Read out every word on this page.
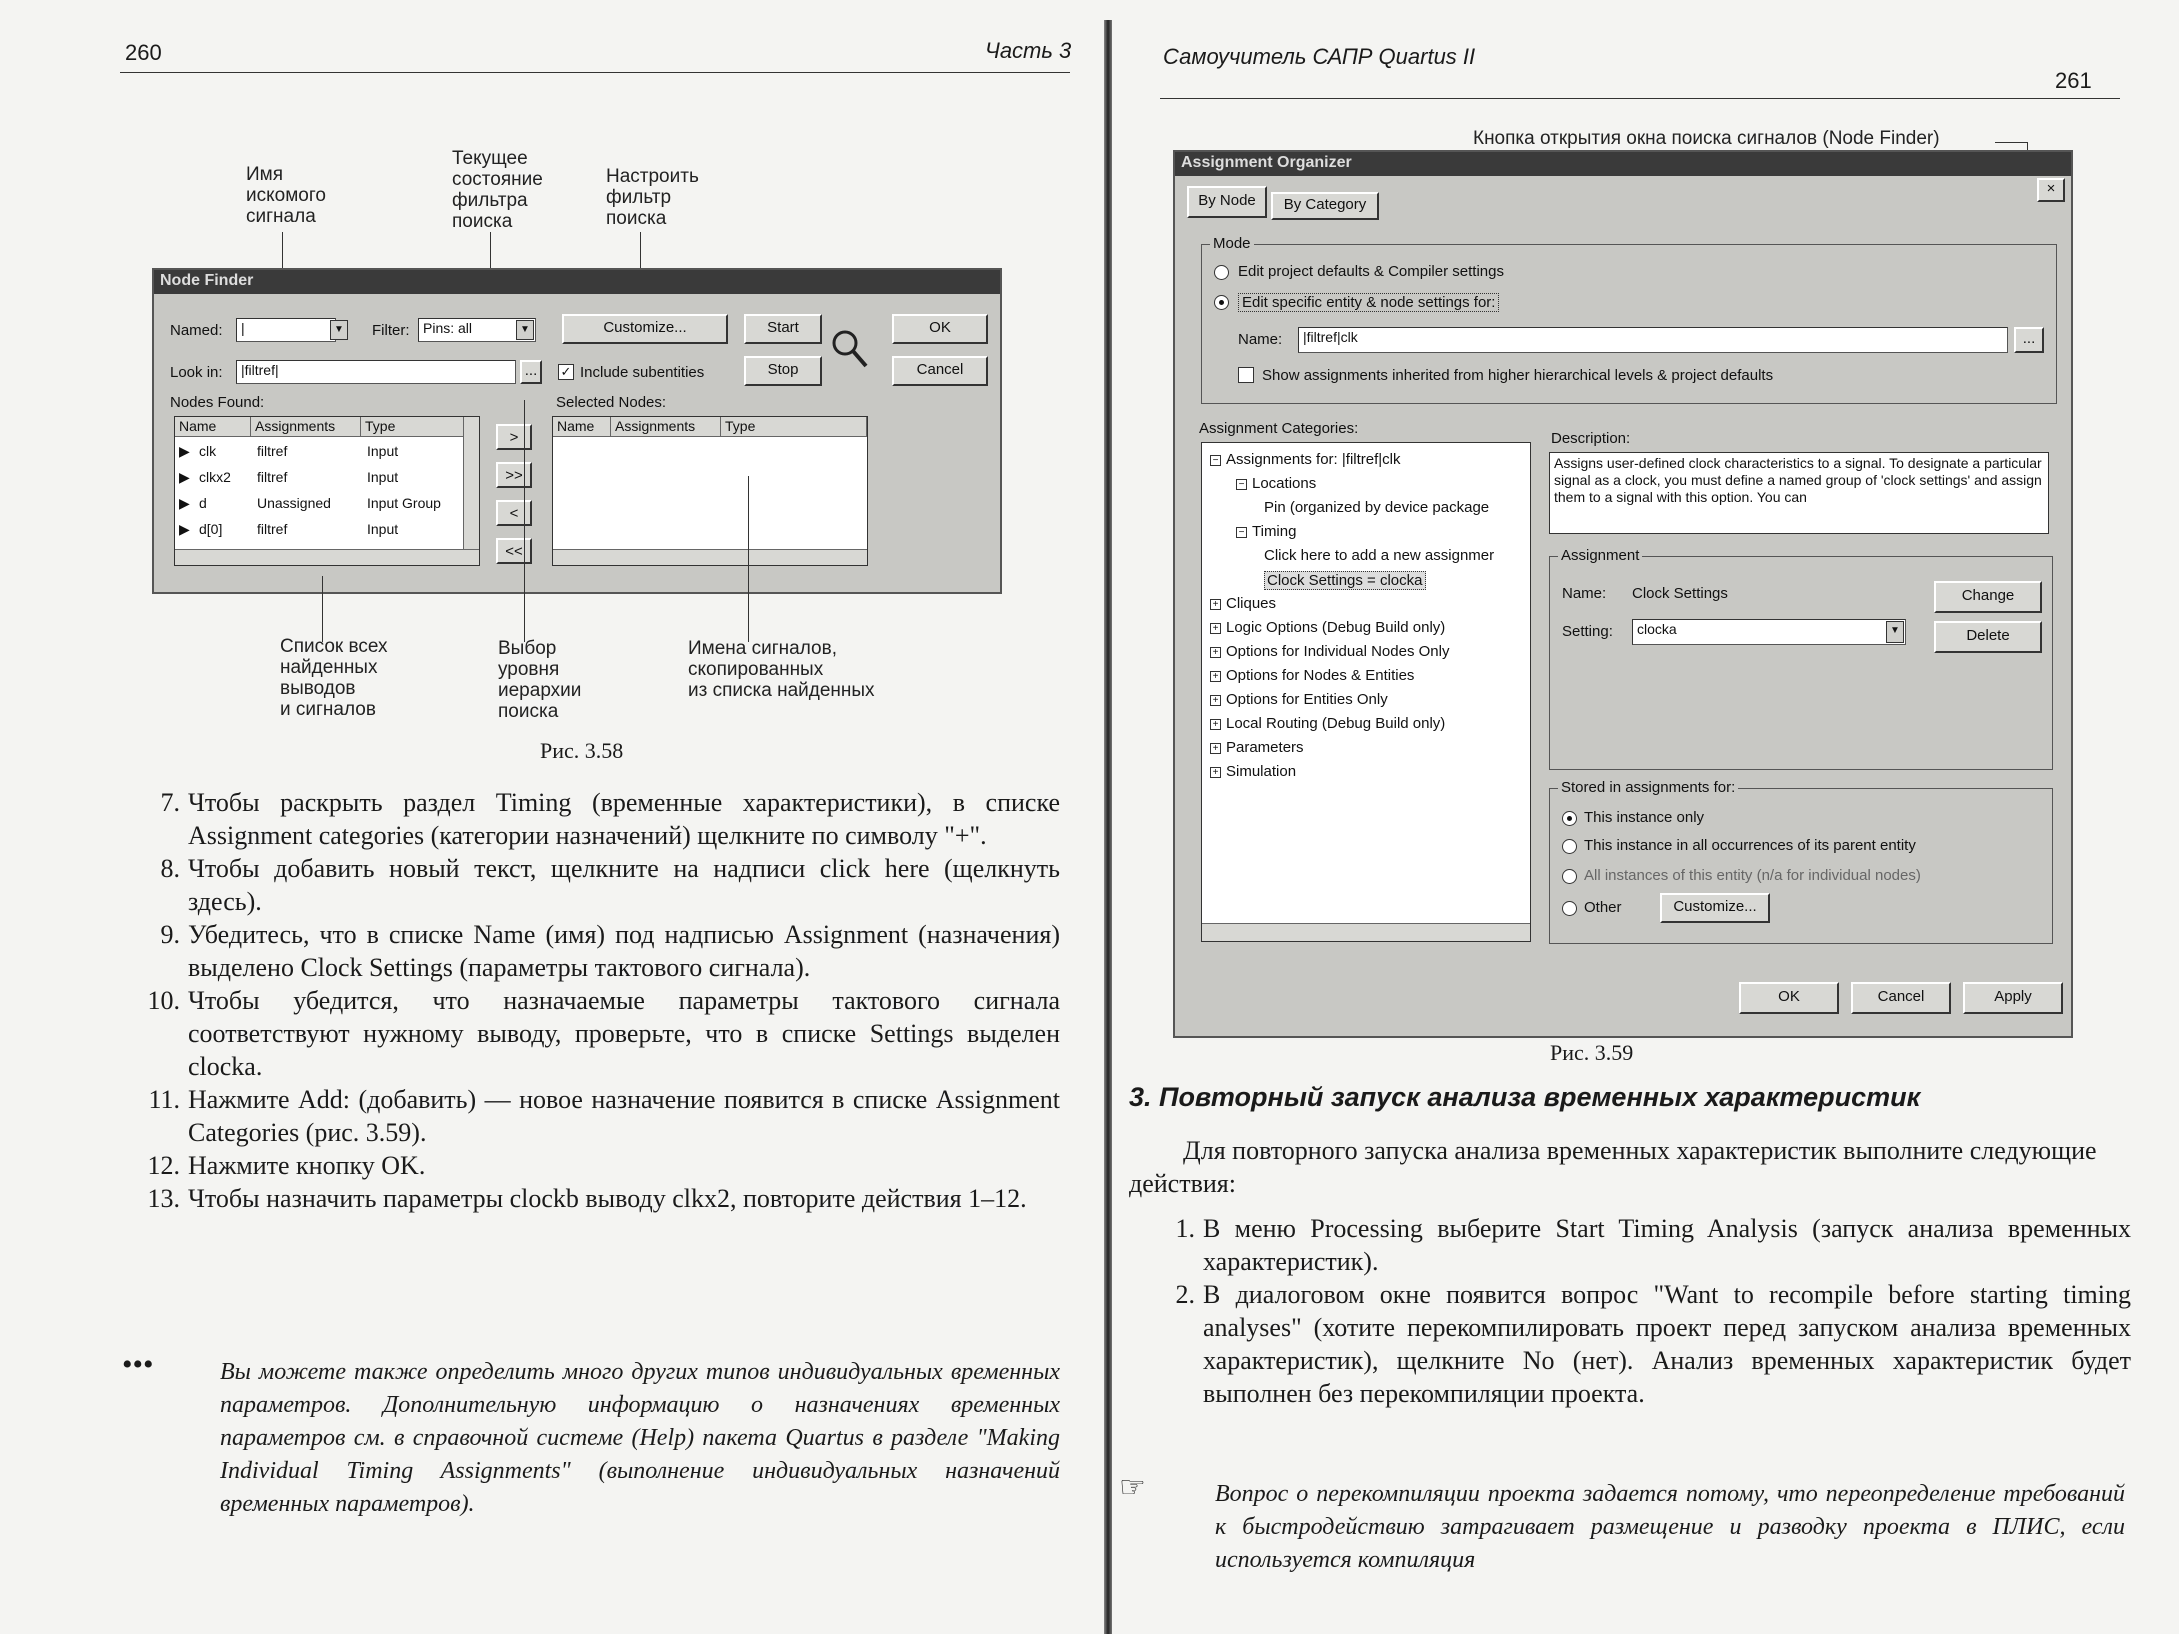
260	Часть 3
Имя
искомого
сигнала
Текущее
состояние
фильтра
поиска
Настроить
фильтр
поиска
Node Finder
Named:	|	▼ Filter: Pins: all	▼	Customize...	Start
Stop
OK
Cancel
Look in:	|filtref|	...	✓ Include subentities
Nodes Found:	Selected Nodes:
Name	Assignments	Type
▶ clk	filtref	Input
▶ clkx2 filtref	Input
▶ d	Unassigned	Input Group
▶ d[0] filtref	Input
>
>>
<
<<
Name	Assignments	Type
Список всех
найденных
выводов
и сигналов
Выбор
уровня
иерархии
поиска
Имена сигналов,
скопированных
из списка найденных
Рис. 3.58
7. Чтобы раскрыть раздел Timing (временные характеристики), в списке Assignment categories (категории назначений) щелкните по символу "+".
8. Чтобы добавить новый текст, щелкните на надписи click here (щелкнуть здесь).
9. Убедитесь, что в списке Name (имя) под надписью Assignment (назначения) выделено Clock Settings (параметры тактового сигнала).
10. Чтобы убедится, что назначаемые параметры тактового сигнала соответствуют нужному выводу, проверьте, что в списке Settings выделен clocka.
11. Нажмите Add: (добавить) — новое назначение появится в списке Assignment Categories (рис. 3.59).
12. Нажмите кнопку OK.
13. Чтобы назначить параметры clockb выводу clkx2, повторите действия 1–12.
•••	Вы можете также определить много других типов индивидуальных временных параметров. Дополнительную информацию о назначениях временных параметров см. в справочной системе (Help) пакета Quartus в разделе "Making Individual Timing Assignments" (выполнение индивидуальных назначений временных параметров).
Самоучитель САПР Quartus II
261
Кнопка открытия окна поиска сигналов (Node Finder)
Assignment Organizer
×
By Node	By Category
Mode
Edit project defaults & Compiler settings
Edit specific entity & node settings for:
Name:	|filtref|clk	...
Show assignments inherited from higher hierarchical levels & project defaults
Assignment Categories:
− Assignments for: |filtref|clk
− Locations
Pin (organized by device package
− Timing
Click here to add a new assignmer
Clock Settings = clocka
+ Cliques
+ Logic Options (Debug Build only)
+ Options for Individual Nodes Only
+ Options for Nodes & Entities
+ Options for Entities Only
+ Local Routing (Debug Build only)
+ Parameters
+ Simulation
Description:
Assigns user-defined clock characteristics to a signal. To designate a particular signal as a clock, you must define a named group of 'clock settings' and assign them to a signal with this option. You can
Assignment
Name: Clock Settings
Setting:	clocka	▼
Change
Delete
Stored in assignments for:
This instance only
This instance in all occurrences of its parent entity
All instances of this entity (n/a for individual nodes)
Other	Customize...
OK	Cancel	Apply
Рис. 3.59
3. Повторный запуск анализа временных характеристик
Для повторного запуска анализа временных характеристик выполните следующие действия:
1. В меню Processing выберите Start Timing Analysis (запуск анализа временных характеристик).
2. В диалоговом окне появится вопрос "Want to recompile before starting timing analyses" (хотите перекомпилировать проект перед запуском анализа временных характеристик), щелкните No (нет). Анализ временных характеристик будет выполнен без перекомпиляции проекта.
☞	Вопрос о перекомпиляции проекта задается потому, что переопределение требований к быстродействию затрагивает размещение и разводку проекта в ПЛИС, если используется компиляция
